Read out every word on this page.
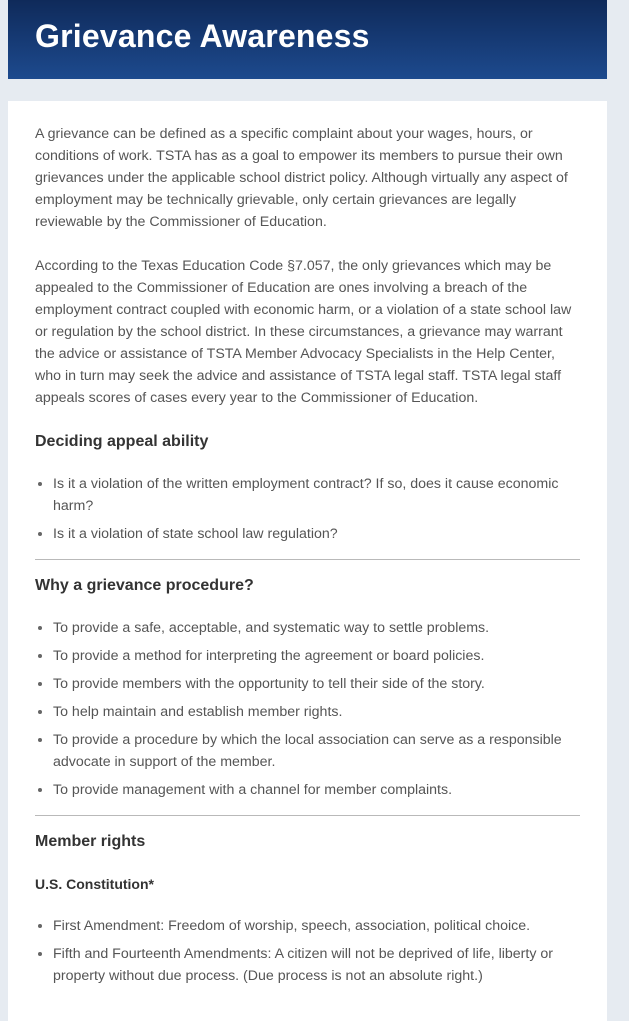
Grievance Awareness

A grievance can be defined as a specific complaint about your wages, hours, or conditions of work. TSTA has as a goal to empower its members to pursue their own grievances under the applicable school district policy. Although virtually any aspect of employment may be technically grievable, only certain grievances are legally reviewable by the Commissioner of Education.

According to the Texas Education Code §7.057, the only grievances which may be appealed to the Commissioner of Education are ones involving a breach of the employment contract coupled with economic harm, or a violation of a state school law or regulation by the school district. In these circumstances, a grievance may warrant the advice or assistance of TSTA Member Advocacy Specialists in the Help Center, who in turn may seek the advice and assistance of TSTA legal staff. TSTA legal staff appeals scores of cases every year to the Commissioner of Education.

Deciding appeal ability
• Is it a violation of the written employment contract? If so, does it cause economic harm?
• Is it a violation of state school law regulation?
Why a grievance procedure?
• To provide a safe, acceptable, and systematic way to settle problems.
• To provide a method for interpreting the agreement or board policies.
• To provide members with the opportunity to tell their side of the story.
• To help maintain and establish member rights.
• To provide a procedure by which the local association can serve as a responsible advocate in support of the member.
• To provide management with a channel for member complaints.
Member rights
U.S. Constitution*
• First Amendment: Freedom of worship, speech, association, political choice.
• Fifth and Fourteenth Amendments: A citizen will not be deprived of life, liberty or property without due process. (Due process is not an absolute right.)
